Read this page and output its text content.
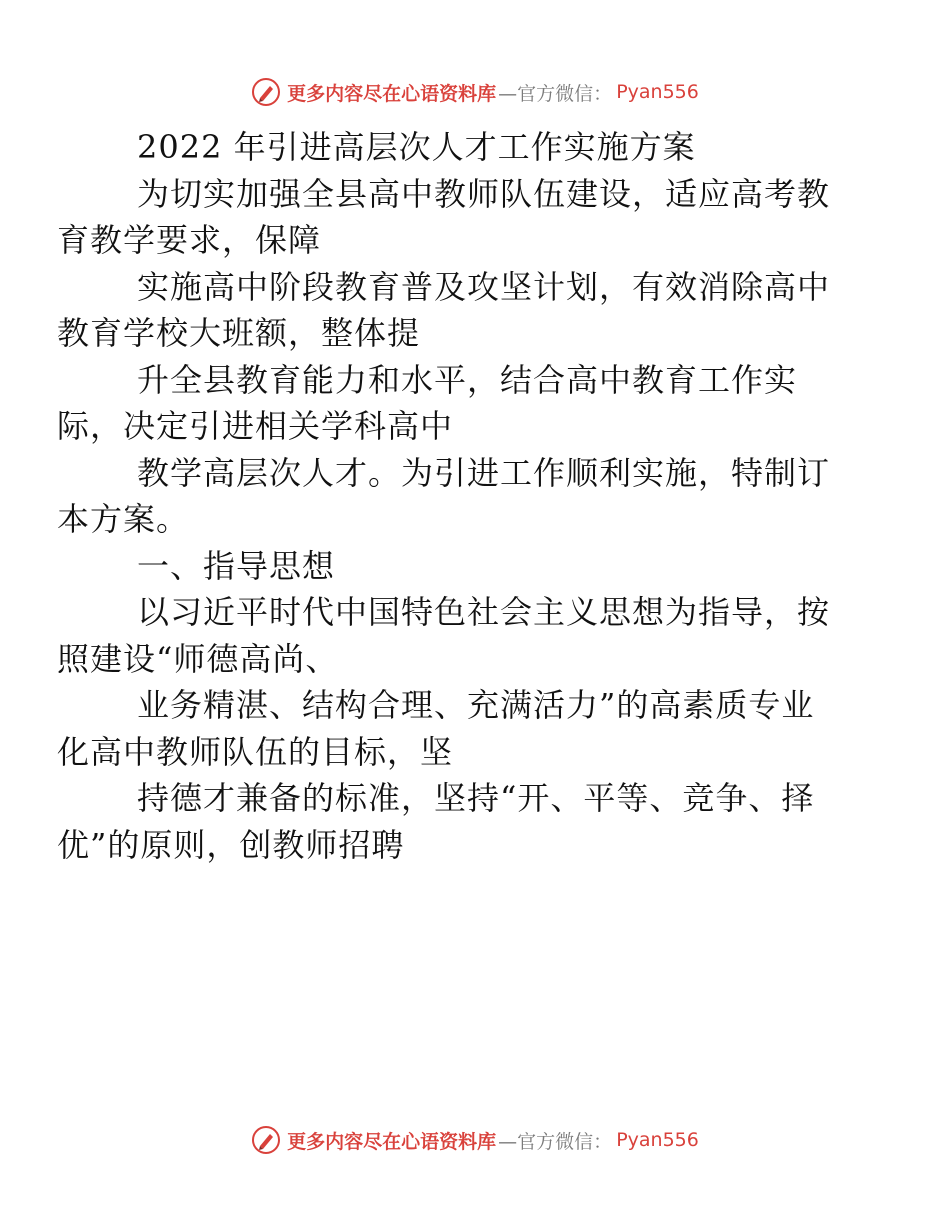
更多内容尽在心语资料库 —官方微信： Pyan556

2022 年引进高层次人才工作实施方案

为切实加强全县高中教师队伍建设，适应高考教
育教学要求，保障

实施高中阶段教育普及攻坚计划，有效消除高中
教育学校大班额，整体提

升全县教育能力和水平，结合高中教育工作实
际，决定引进相关学科高中

教学高层次人才。为引进工作顺利实施，特制订
本方案。

一、指导思想

以习近平时代中国特色社会主义思想为指导，按
照建设“师德高尚、

业务精湛、结构合理、充满活力”的高素质专业
化高中教师队伍的目标，坚

持德才兼备的标准，坚持“开、平等、竞争、择
优”的原则，创教师招聘

更多内容尽在心语资料库 —官方微信： Pyan556
